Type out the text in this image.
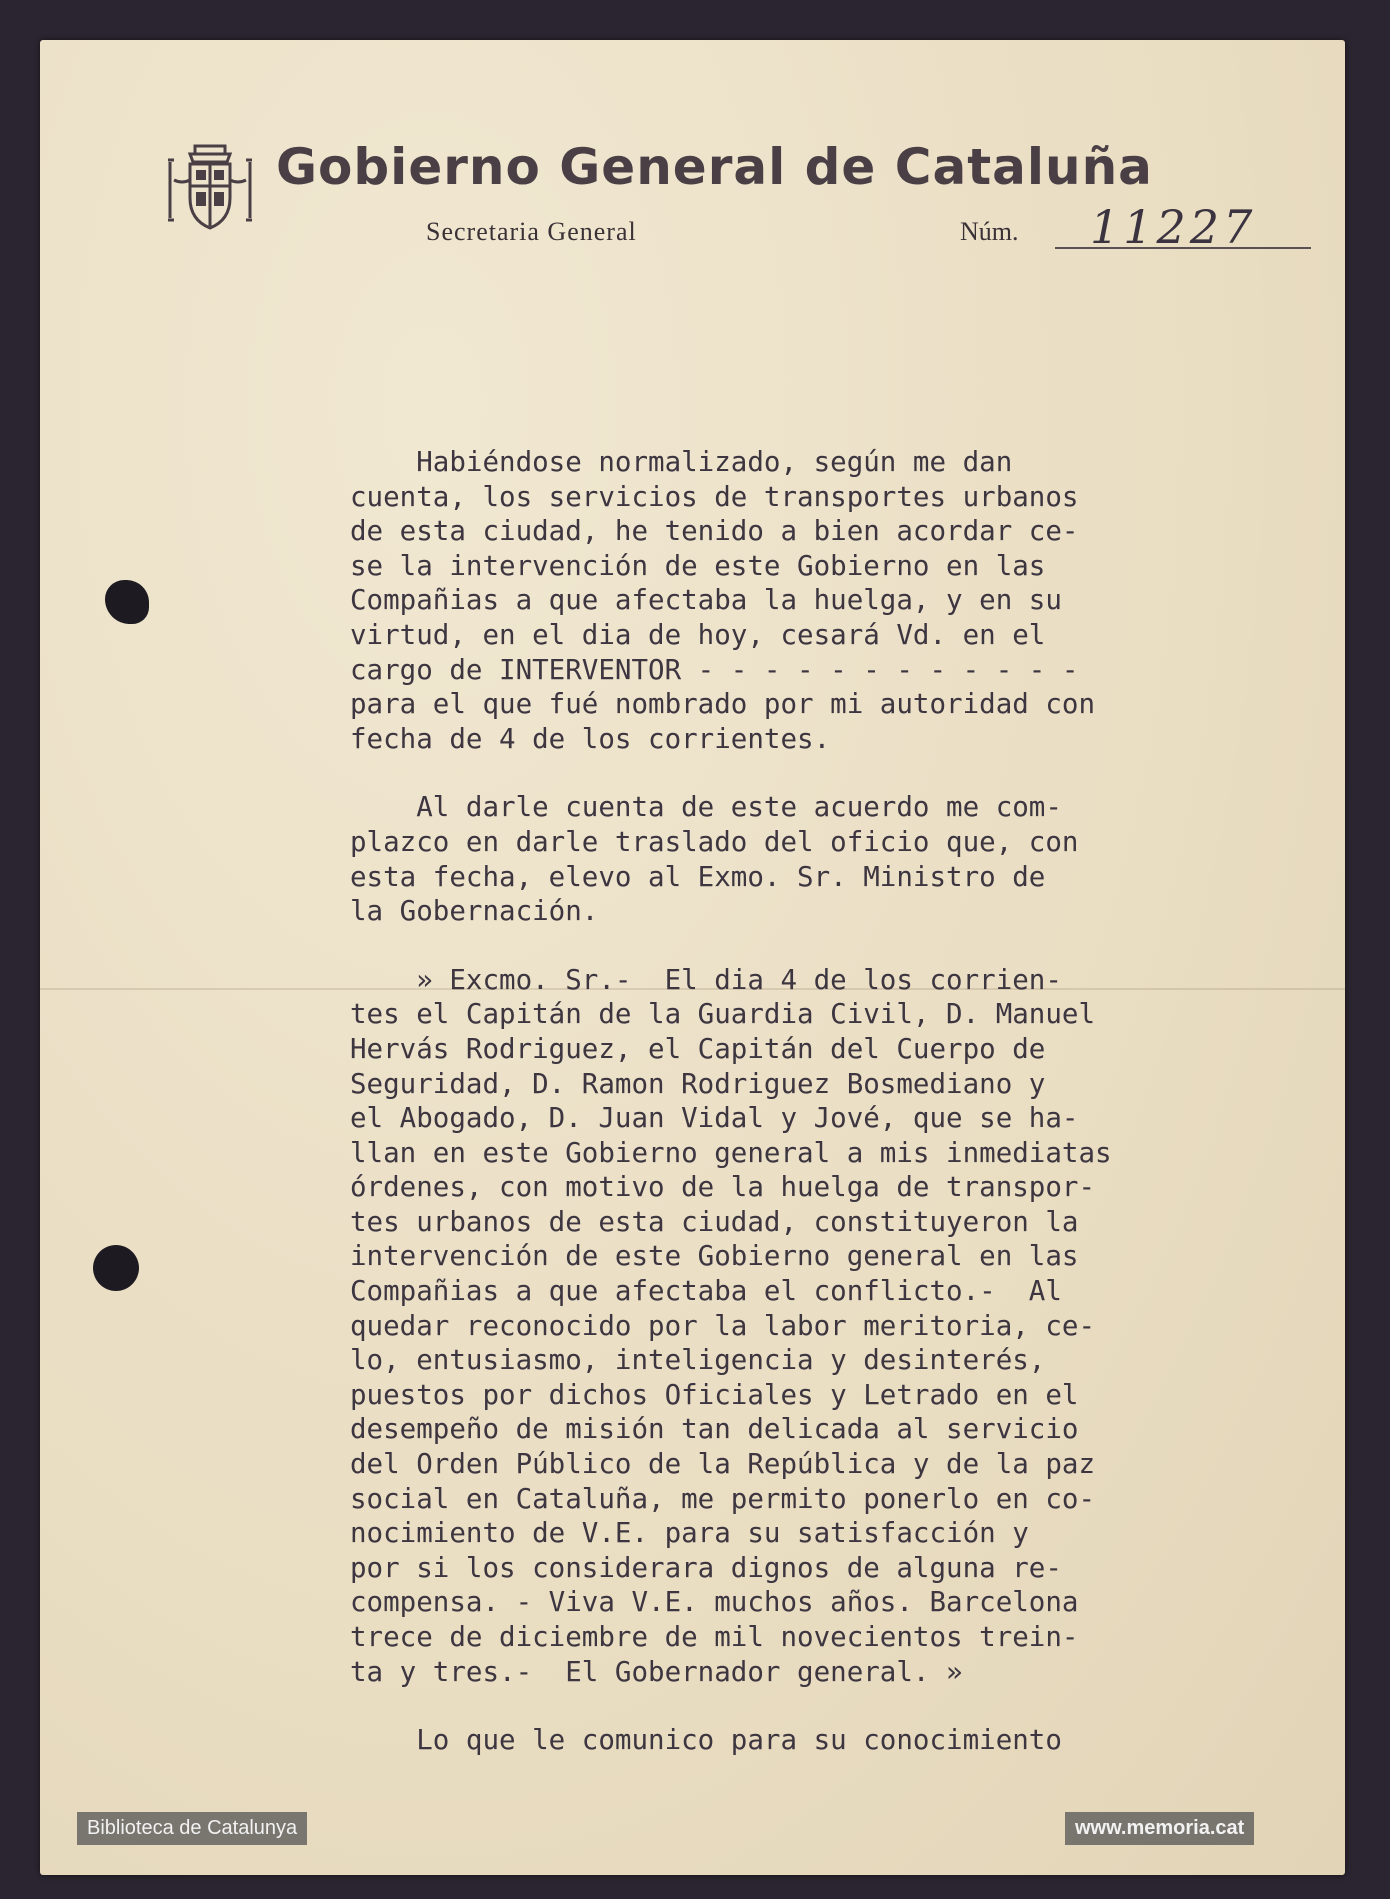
Gobierno General de Cataluña
Secretaria General	Núm. 11227
Habiéndose normalizado, según me dan
cuenta, los servicios de transportes urbanos
de esta ciudad, he tenido a bien acordar ce-
se la intervención de este Gobierno en las
Compañias a que afectaba la huelga, y en su
virtud, en el dia de hoy, cesará Vd. en el
cargo de INTERVENTOR - - - - - - - - - - - -
para el que fué nombrado por mi autoridad con
fecha de 4 de los corrientes.
Al darle cuenta de este acuerdo me com-
plazco en darle traslado del oficio que, con
esta fecha, elevo al Exmo. Sr. Ministro de
la Gobernación.
» Excmo. Sr.-  El dia 4 de los corrien-
tes el Capitán de la Guardia Civil, D. Manuel
Hervás Rodriguez, el Capitán del Cuerpo de
Seguridad, D. Ramon Rodriguez Bosmediano y
el Abogado, D. Juan Vidal y Jové, que se ha-
llan en este Gobierno general a mis inmediatas
órdenes, con motivo de la huelga de transpor-
tes urbanos de esta ciudad, constituyeron la
intervención de este Gobierno general en las
Compañias a que afectaba el conflicto.-  Al
quedar reconocido por la labor meritoria, ce-
lo, entusiasmo, inteligencia y desinterés,
puestos por dichos Oficiales y Letrado en el
desempeño de misión tan delicada al servicio
del Orden Público de la República y de la paz
social en Cataluña, me permito ponerlo en co-
nocimiento de V.E. para su satisfacción y
por si los considerara dignos de alguna re-
compensa. - Viva V.E. muchos años. Barcelona
trece de diciembre de mil novecientos trein-
ta y tres.-  El Gobernador general. »
Lo que le comunico para su conocimiento
Biblioteca de Catalunya	www.memoria.cat
